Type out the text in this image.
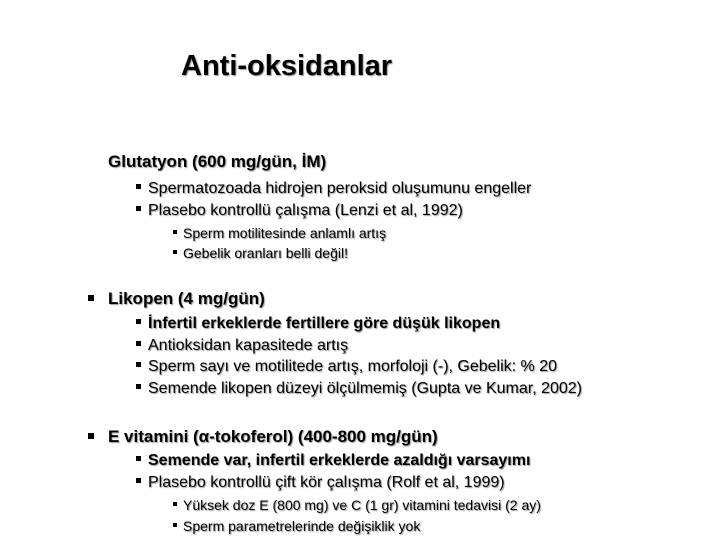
Anti-oksidanlar
Glutatyon (600 mg/gün, İM)
Spermatozoada hidrojen peroksid oluşumunu engeller
Plasebo kontrollü çalışma (Lenzi et al, 1992)
Sperm motilitesinde anlamlı artış
Gebelik oranları belli değil!
Likopen (4 mg/gün)
İnfertil erkeklerde fertillere göre düşük likopen
Antioksidan kapasitede artış
Sperm sayı ve motilitede artış, morfoloji (-), Gebelik: % 20
Semende likopen düzeyi ölçülmemiş (Gupta ve Kumar, 2002)
E vitamini (α-tokoferol) (400-800 mg/gün)
Semende var, infertil erkeklerde azaldığı varsayımı
Plasebo kontrollü çift kör çalışma (Rolf et al, 1999)
Yüksek doz E (800 mg) ve C (1 gr) vitamini tedavisi (2 ay)
Sperm parametrelerinde değişiklik yok
